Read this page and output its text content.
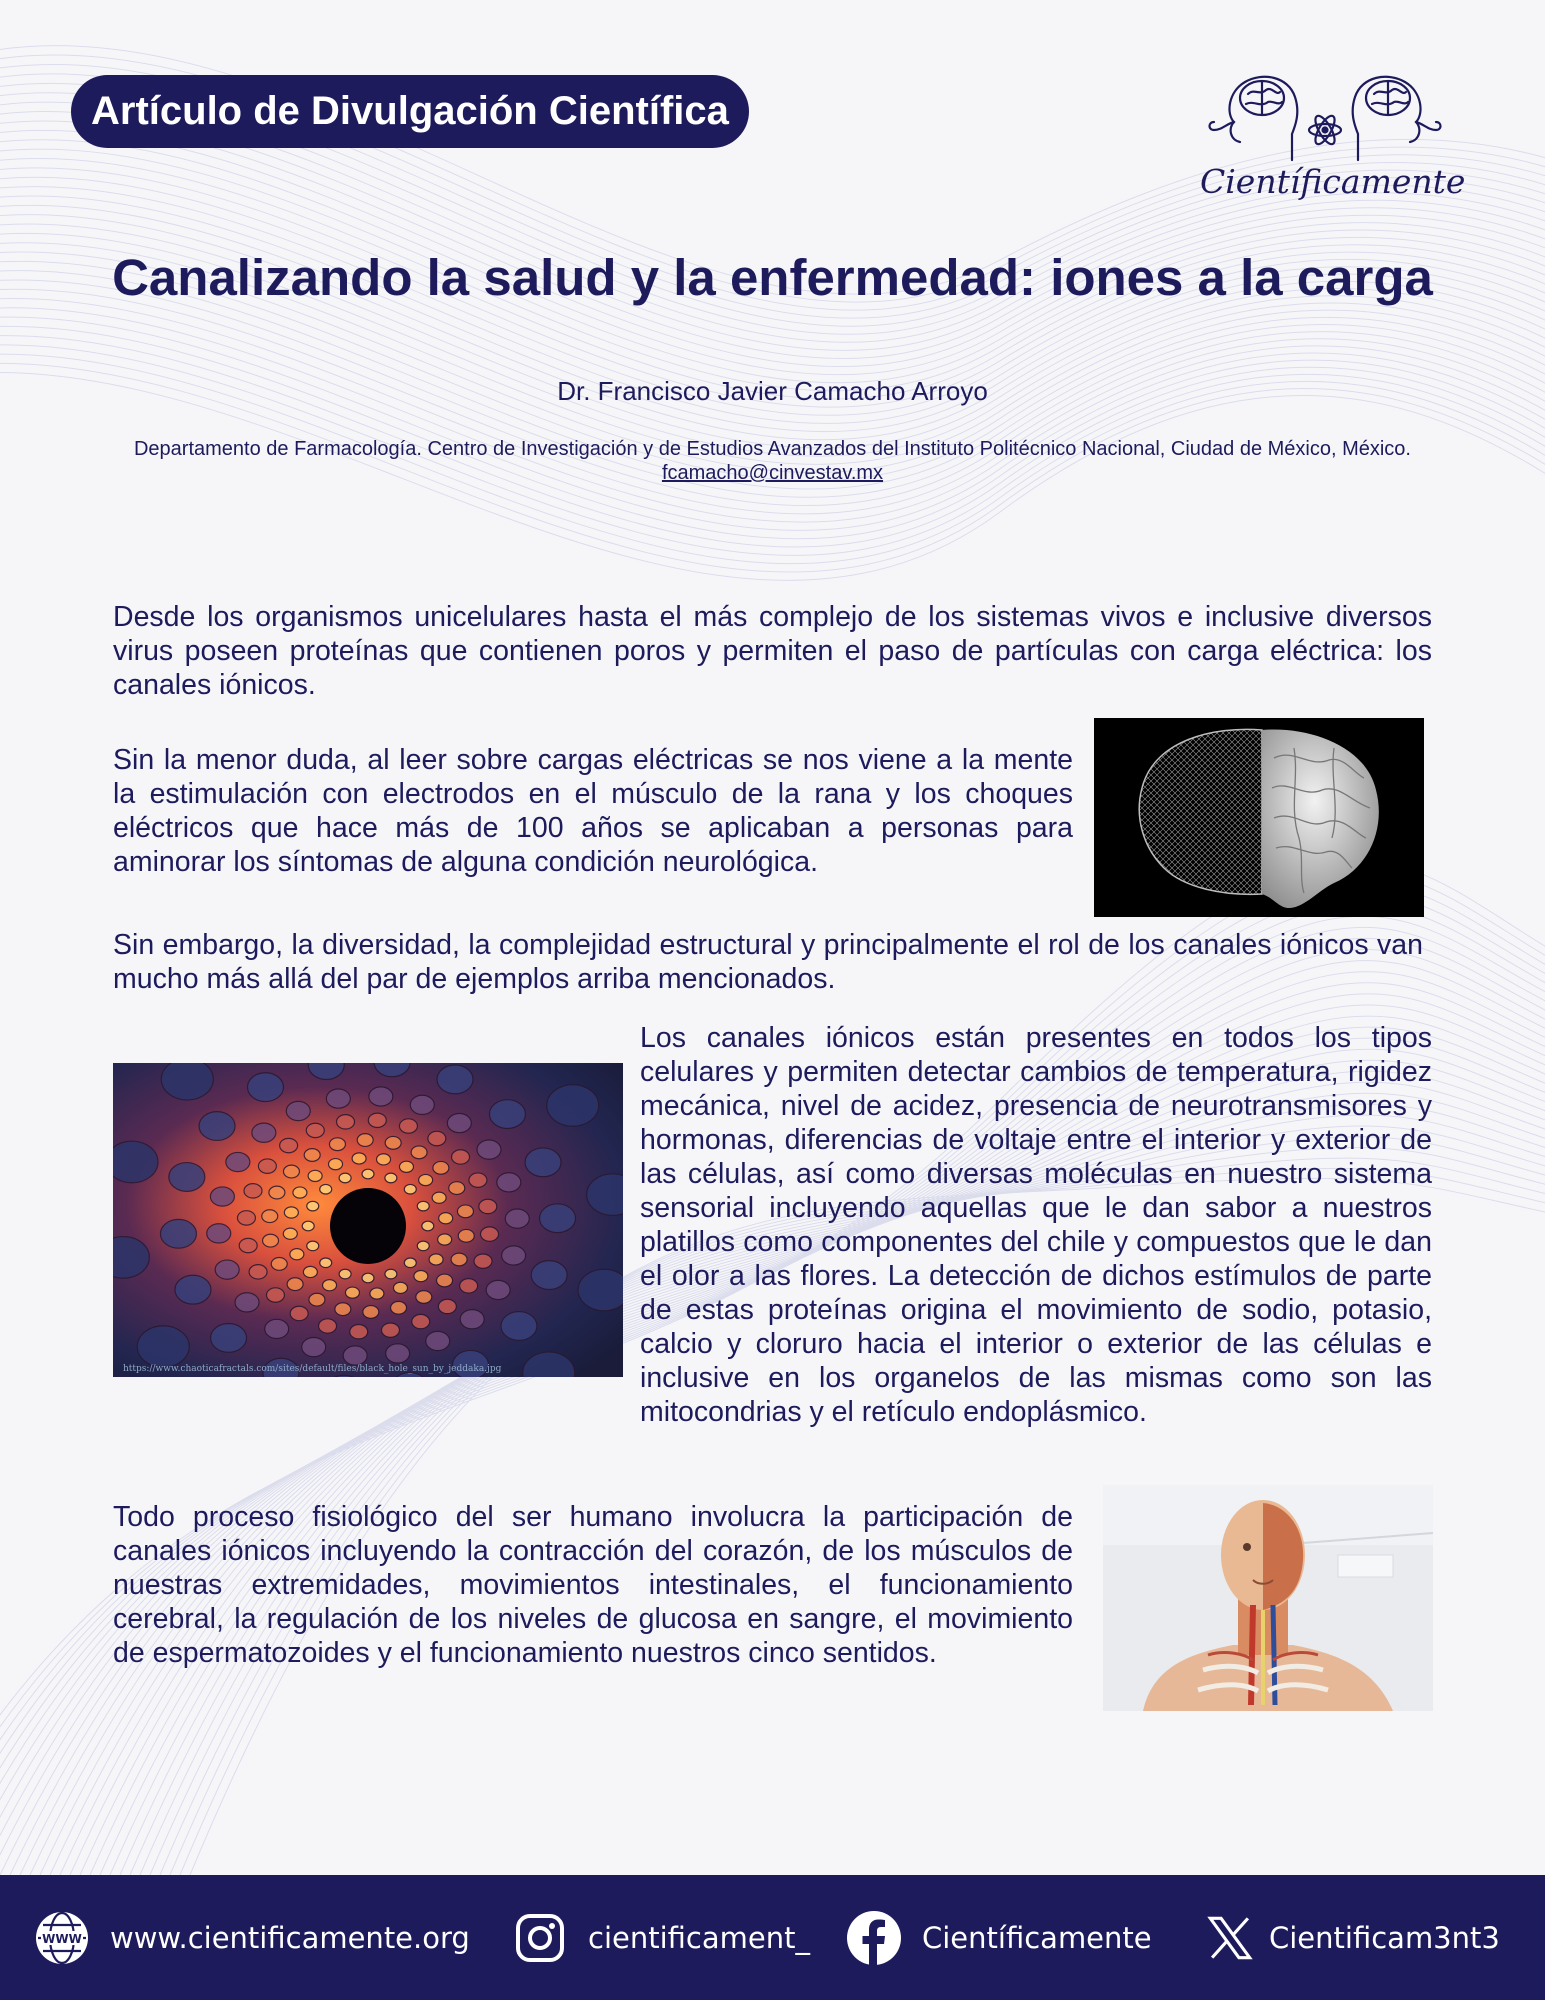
Artículo de Divulgación Científica
Científicamente
Canalizando la salud y la enfermedad: iones a la carga
Dr. Francisco Javier Camacho Arroyo
Departamento de Farmacología. Centro de Investigación y de Estudios Avanzados del Instituto Politécnico Nacional, Ciudad de México, México. fcamacho@cinvestav.mx
Desde los organismos unicelulares hasta el más complejo de los sistemas vivos e inclusive diversos virus poseen proteínas que contienen poros y permiten el paso de partículas con carga eléctrica: los canales iónicos.
Sin la menor duda, al leer sobre cargas eléctricas se nos viene a la mente la estimulación con electrodos en el músculo de la rana y los choques eléctricos que hace más de 100 años se aplicaban a personas para aminorar los síntomas de alguna condición neurológica.
Sin embargo, la diversidad, la complejidad estructural y principalmente el rol de los canales iónicos van mucho más allá del par de ejemplos arriba mencionados.
Los canales iónicos están presentes en todos los tipos celulares y permiten detectar cambios de temperatura, rigidez mecánica, nivel de acidez, presencia de neurotransmisores y hormonas, diferencias de voltaje entre el interior y exterior de las células, así como diversas moléculas en nuestro sistema sensorial incluyendo aquellas que le dan sabor a nuestros platillos como componentes del chile y compuestos que le dan el olor a las flores. La detección de dichos estímulos de parte de estas proteínas origina el movimiento de sodio, potasio, calcio y cloruro hacia el interior o exterior de las células e inclusive en los organelos de las mismas como son las mitocondrias y el retículo endoplásmico.
Todo proceso fisiológico del ser humano involucra la participación de canales iónicos incluyendo la contracción del corazón, de los músculos de nuestras extremidades, movimientos intestinales, el funcionamiento cerebral, la regulación de los niveles de glucosa en sangre, el movimiento de espermatozoides y el funcionamiento nuestros cinco sentidos.
https://www.chaoticafractals.com/sites/default/files/black_hole_sun_by_jeddaka.jpg
WWW www.cientificamente.org	cientificament_	Científicamente	Cientificam3nt3
